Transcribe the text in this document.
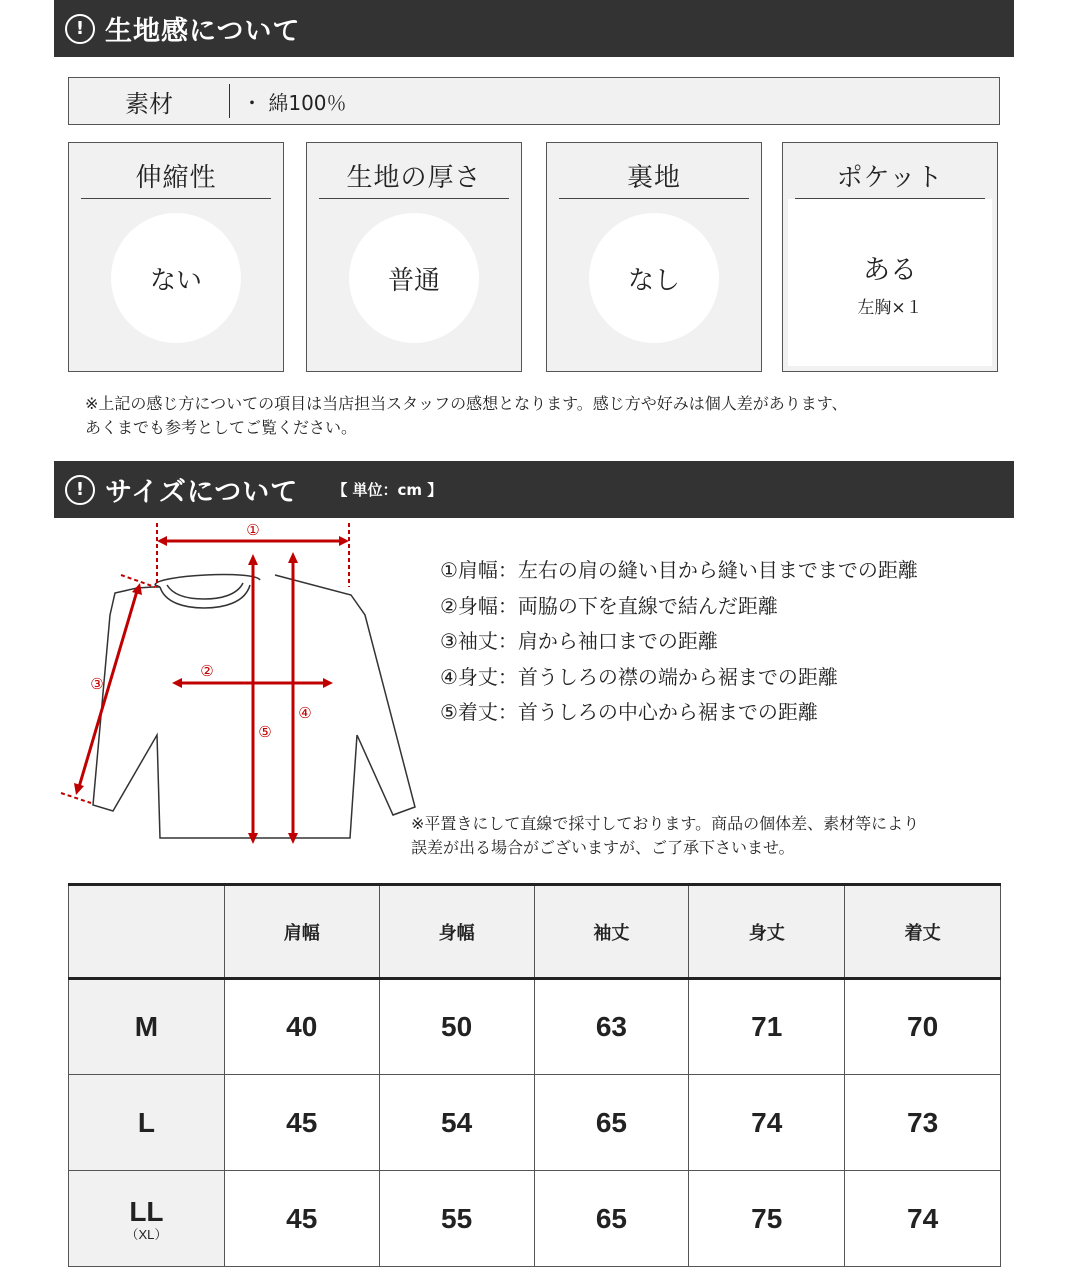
! 生地感について
素材	・ 綿100％
伸縮性
ない
生地の厚さ
普通
裏地
なし
ポケット
ある
左胸×１
※上記の感じ方についての項目は当店担当スタッフの感想となります。感じ方や好みは個人差があります、
あくまでも参考としてご覧ください。
! サイズについて 【 単位：cm 】
①
②
③
④
⑤
①肩幅：左右の肩の縫い目から縫い目までまでの距離
②身幅：両脇の下を直線で結んだ距離
③袖丈：肩から袖口までの距離
④身丈：首うしろの襟の端から裾までの距離
⑤着丈：首うしろの中心から裾までの距離
※平置きにして直線で採寸しております。商品の個体差、素材等により
誤差が出る場合がございますが、ご了承下さいませ。
	肩幅	身幅	袖丈	身丈	着丈
M	40	50	63	71	70
L	45	54	65	74	73
LL
（XL）	45	55	65	75	74
